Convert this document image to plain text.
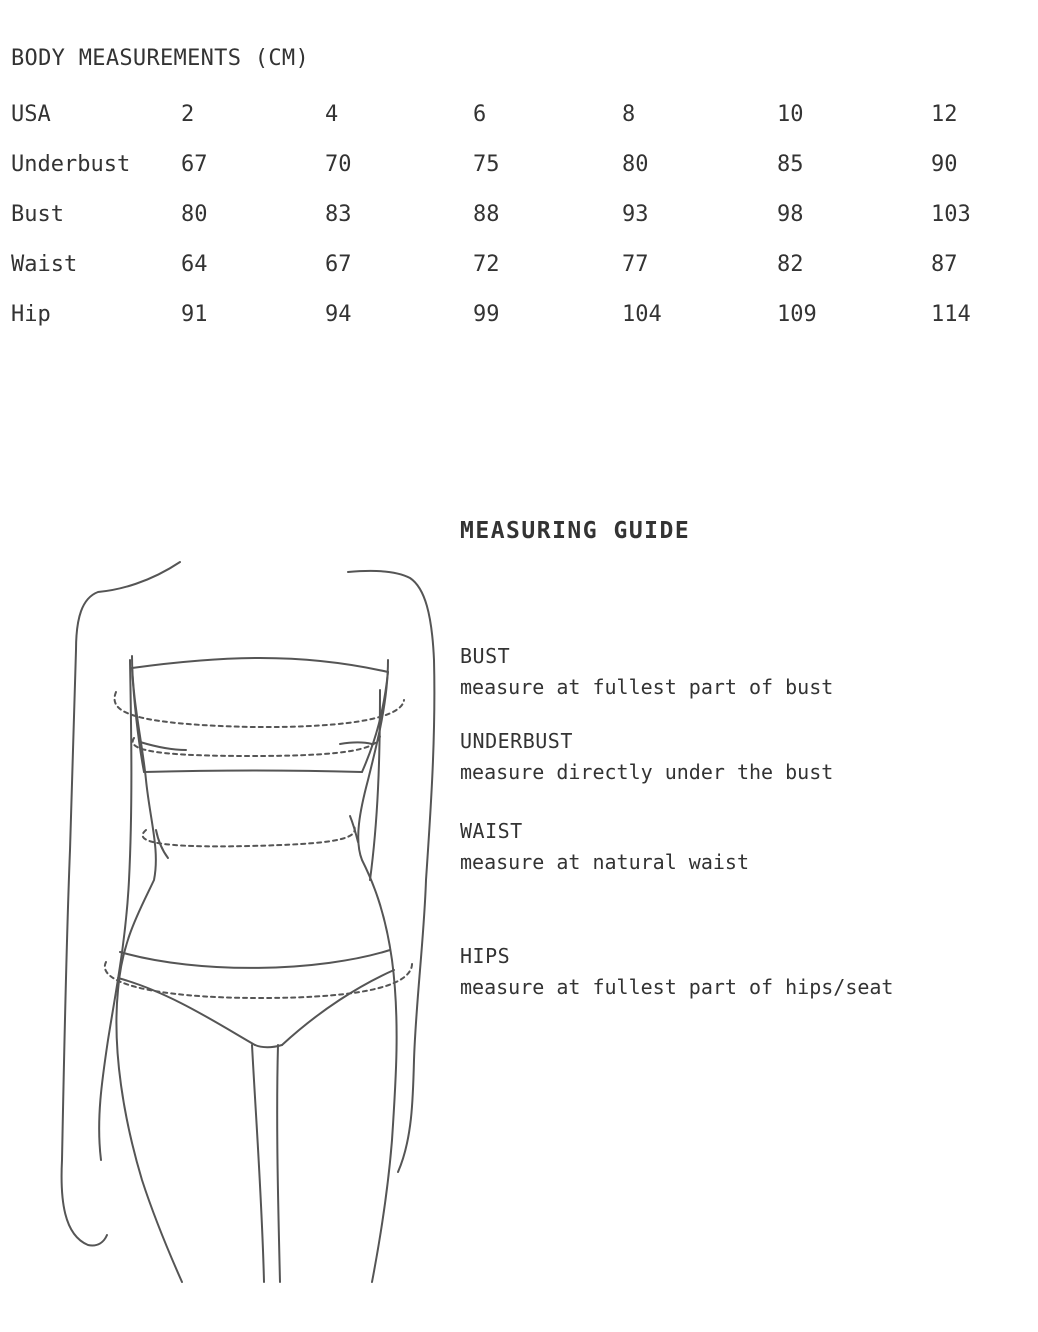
BODY MEASUREMENTS (CM)
USA	2	4	6	8	10	12
Underbust	67	70	75	80	85	90
Bust	80	83	88	93	98	103
Waist	64	67	72	77	82	87
Hip	91	94	99	104	109	114
MEASURING GUIDE
BUST
measure at fullest part of bust
UNDERBUST
measure directly under the bust
WAIST
measure at natural waist
HIPS
measure at fullest part of hips/seat
